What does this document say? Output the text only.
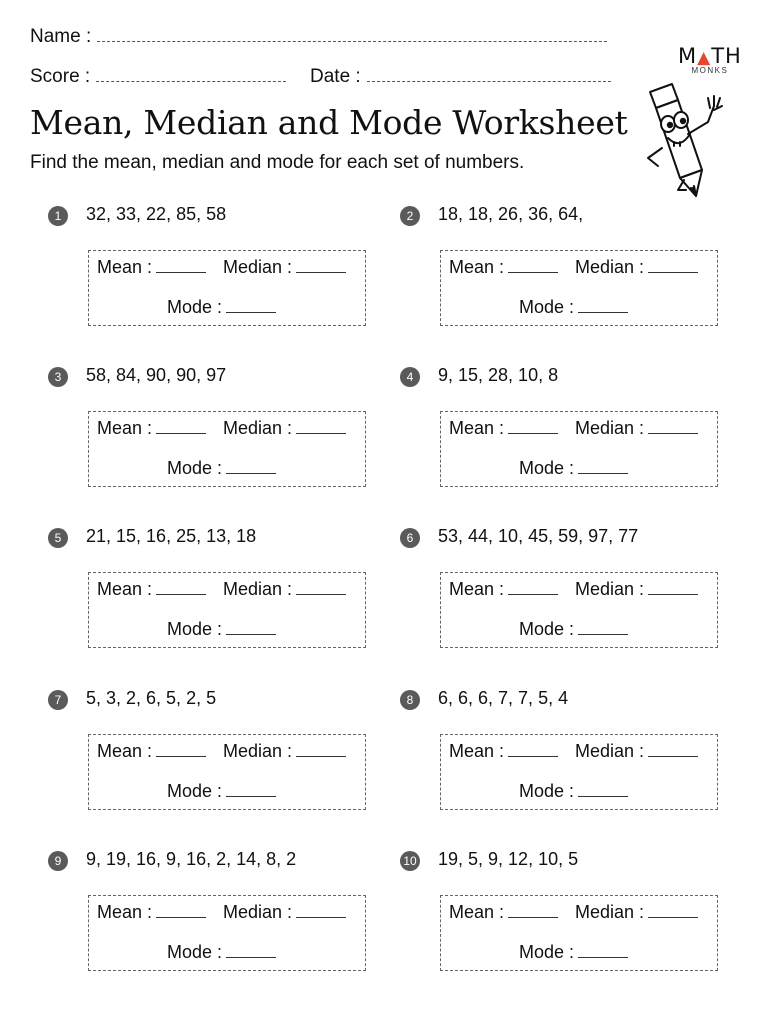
Name :
Score :	Date :
M▲TH
MONKS
Mean, Median and Mode Worksheet
Find the mean, median and mode for each set of numbers.
1	32, 33, 22, 85, 58
Mean :	Median :
Mode :
2	18, 18, 26, 36, 64,
Mean :	Median :
Mode :
3	58, 84, 90, 90, 97
Mean :	Median :
Mode :
4	9, 15, 28, 10, 8
Mean :	Median :
Mode :
5	21, 15, 16, 25, 13, 18
Mean :	Median :
Mode :
6	53, 44, 10, 45, 59, 97, 77
Mean :	Median :
Mode :
7	5, 3, 2, 6, 5, 2, 5
Mean :	Median :
Mode :
8	6, 6, 6, 7, 7, 5, 4
Mean :	Median :
Mode :
9	9, 19, 16, 9, 16, 2, 14, 8, 2
Mean :	Median :
Mode :
10 19, 5, 9, 12, 10, 5
Mean :	Median :
Mode :
